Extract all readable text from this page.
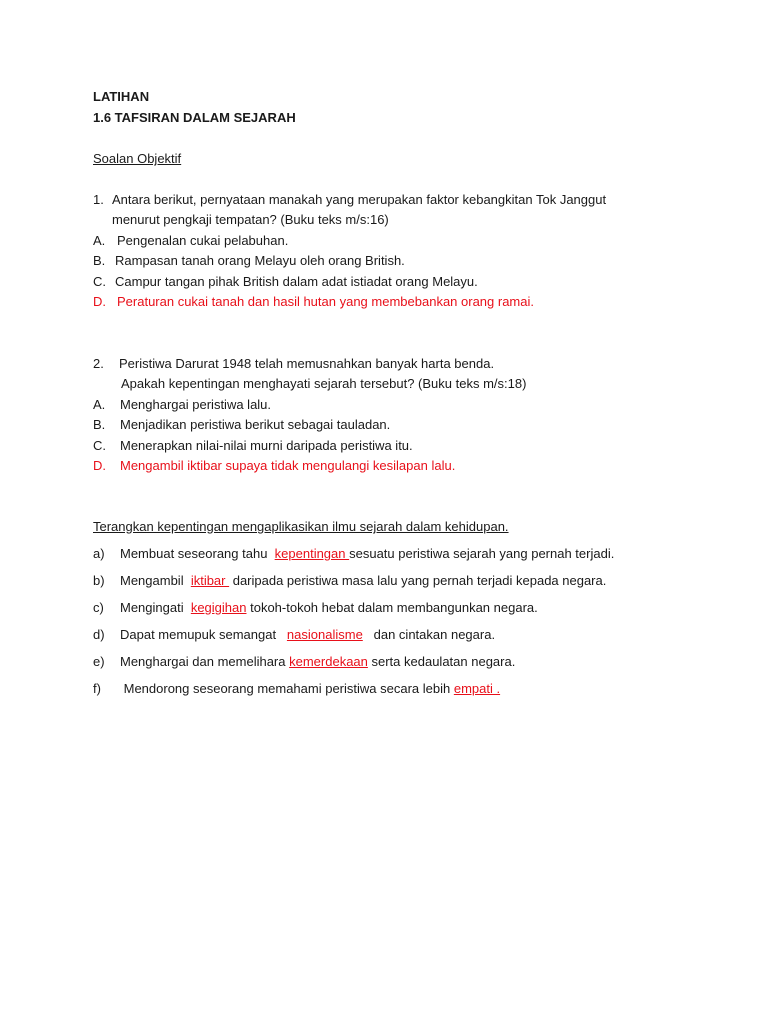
LATIHAN
1.6 TAFSIRAN DALAM SEJARAH
Soalan Objektif
1. Antara berikut, pernyataan manakah yang merupakan faktor kebangkitan Tok Janggut
menurut pengkaji tempatan? (Buku teks m/s:16)
A. Pengenalan cukai pelabuhan.
B. Rampasan tanah orang Melayu oleh orang British.
C. Campur tangan pihak British dalam adat istiadat orang Melayu.
D. Peraturan cukai tanah dan hasil hutan yang membebankan orang ramai.
2. Peristiwa Darurat 1948 telah memusnahkan banyak harta benda.
Apakah kepentingan menghayati sejarah tersebut? (Buku teks m/s:18)
A. Menghargai peristiwa lalu.
B. Menjadikan peristiwa berikut sebagai tauladan.
C. Menerapkan nilai-nilai murni daripada peristiwa itu.
D. Mengambil iktibar supaya tidak mengulangi kesilapan lalu.
Terangkan kepentingan mengaplikasikan ilmu sejarah dalam kehidupan.
a) Membuat seseorang tahu  kepentingan sesuatu peristiwa sejarah yang pernah terjadi.
b) Mengambil  iktibar  daripada peristiwa masa lalu yang pernah terjadi kepada negara.
c) Mengingati  kegigihan tokoh-tokoh hebat dalam membangunkan negara.
d) Dapat memupuk semangat   nasionalisme   dan cintakan negara.
e) Menghargai dan memelihara kemerdekaan serta kedaulatan negara.
f) Mendorong seseorang memahami peristiwa secara lebih empati .
